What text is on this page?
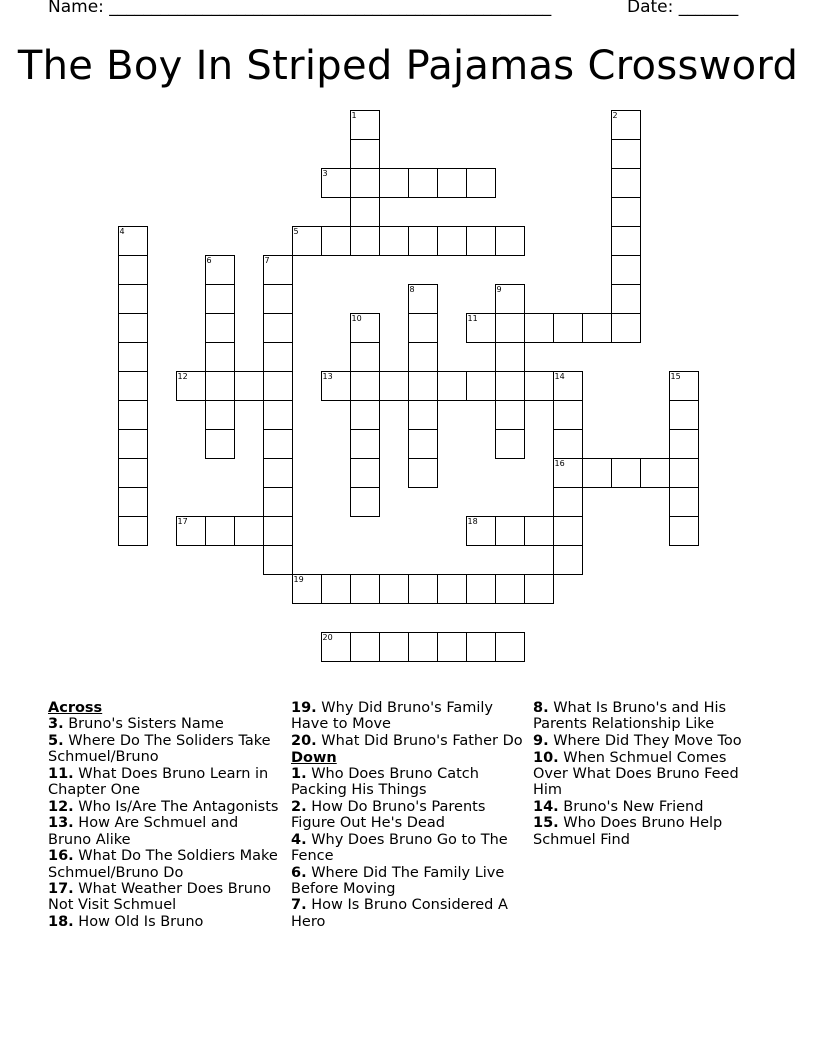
Name: ____________________________________________________	Date: _______
The Boy In Striped Pajamas Crossword
1	2
3
4	5
6	7
8	9
10	11
12	13	14
16
15
17	18
19
20
Across
3. Bruno's Sisters Name
5. Where Do The Soliders Take Schmuel/Bruno
11. What Does Bruno Learn in Chapter One
12. Who Is/Are The Antagonists
13. How Are Schmuel and Bruno Alike
16. What Do The Soldiers Make Schmuel/Bruno Do
17. What Weather Does Bruno Not Visit Schmuel
18. How Old Is Bruno
19. Why Did Bruno's Family Have to Move
20. What Did Bruno's Father Do
Down
1. Who Does Bruno Catch Packing His Things
2. How Do Bruno's Parents Figure Out He's Dead
4. Why Does Bruno Go to The Fence
6. Where Did The Family Live Before Moving
7. How Is Bruno Considered A Hero
8. What Is Bruno's and His Parents Relationship Like
9. Where Did They Move Too
10. When Schmuel Comes Over What Does Bruno Feed Him
14. Bruno's New Friend
15. Who Does Bruno Help Schmuel Find
